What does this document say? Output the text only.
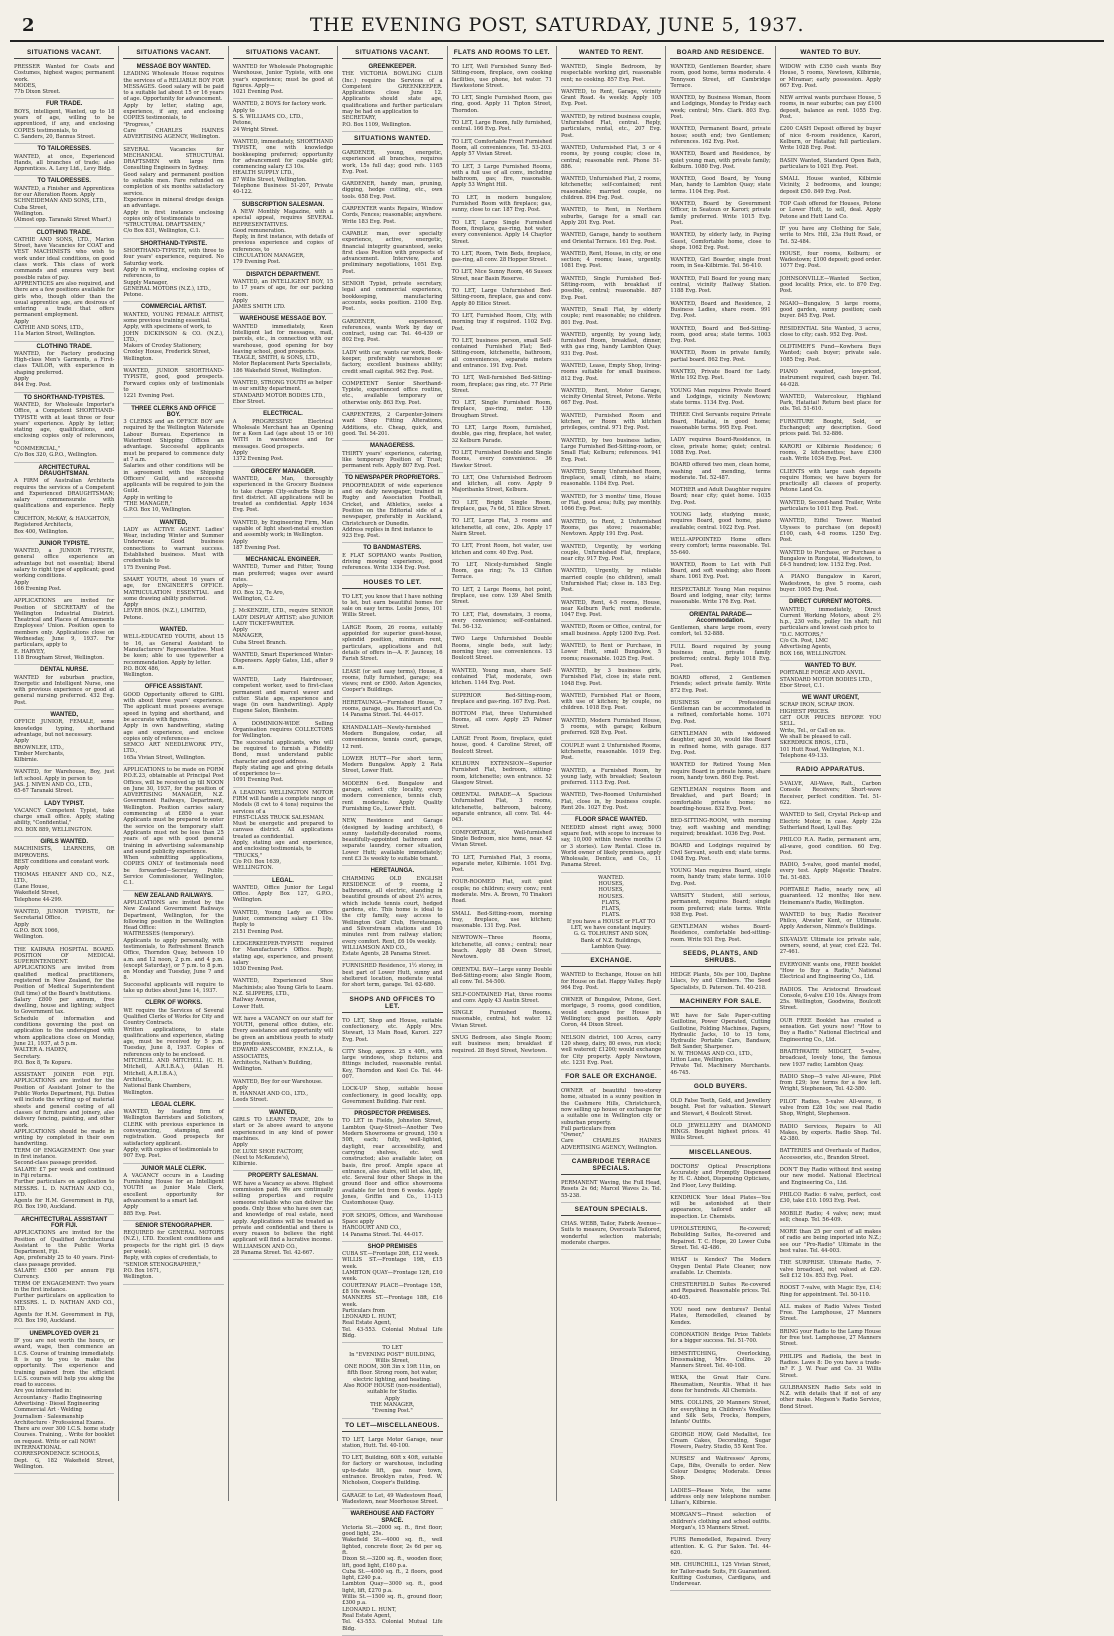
2	THE EVENING POST, SATURDAY, JUNE 5, 1937.
SITUATIONS VACANT.
PRESSER Wanted for Coats and Costumes, highest wages; permanent work.
MODES,
77b Dixon Street.
FUR TRADE.
BOYS, intelligent, Wanted, up to 18 years of age, willing to be apprenticed, if any, and enclosing COPIES testimonials, to
C. Sanders, 20, Bannus Street.
TO TAILORESSES.
WANTED, at once, Experienced Hands, all branches of trade; also Apprentices. A. Levy Ltd., Levy Bldg.
TO TAILORESSES.
WANTED, a Finisher and Apprentices for our Alteration Room. Apply
SCHNEIDEMAN AND SONS, LTD.,
Cuba Street,
Wellington.
(Almost opp. Taranaki Street Wharf.)
CLOTHING TRADE.
CATHIE AND SONS, LTD., Marion Street, have Vacancies for COAT and VEST MACHINISTS who wish to work under ideal conditions, on good class work. This class of work commands and ensures very best possible rates of pay.
APPRENTICES are also required, and there are a few positions available for girls who, though older than the usual apprentice age, are desirous of entering a trade that offers permanent employment.
Apply
CATHIE AND SONS, LTD.,
11a Marion Street, Wellington.
CLOTHING TRADE.
WANTED, for Factory producing High-class Men's Garments, a First-class TAILOR, with experience in shaping preferred.
Apply
844 Evg. Post.
TO SHORTHAND-TYPISTES.
WANTED, for Wholesale Importer's Office, a Competent SHORTHAND-TYPISTE with at least three or four years' experience. Apply by letter, stating age, qualifications, and enclosing copies only of references, to
"COMMERCIAL,"
C/o Box 320, G.P.O., Wellington.
ARCHITECTURAL DRAUGHTSMAN.
A FIRM of Australian Architects requires the services of a Competent and Experienced DRAUGHTSMAN; salary commensurate with qualifications and experience. Reply to
CRICHTON, McKAY, & HAUGHTON,
Registered Architects,
Box 400, Wellington.
JUNIOR TYPISTE.
WANTED, a JUNIOR TYPISTE, general office experience an advantage but not essential; liberal salary to right type of applicant; good working conditions.
Apply
166 Evening Post.
APPLICATIONS are invited for Position of SECRETARY of the Wellington Industrial District. Theatrical and Places of Amusements Employees' Union. Position open to members only. Applications close on Wednesday, June 9, 1937. For particulars, apply to
E. HARVEY,
118 Brougham Street, Wellington.
DENTAL NURSE.
WANTED for suburban practice, Energetic and Intelligent Nurse, one with previous experience or good at general nursing preferred. 432 Evg. Post.
WANTED,
OFFICE JUNIOR, FEMALE, some knowledge typing, shorthand advantage, but not necessary.
Apply
BROWNLEE, LTD.,
Timber Merchants,
Kilbirnie.
WANTED, for Warehouse, Boy, just left school. Apply in person to
JAS. J. NIVEN AND CO., LTD.,
65-67 Taranaki Street.
LADY TYPIST.
VACANCY Competent Typist, take charge small office. Apply, stating ability, "Confidential,"
P.O. BOX 889, WELLINGTON.
GIRLS WANTED.
MACHINISTS, LEARNERS, OR IMPROVERS.
BEST conditions and constant work.
Apply
THOMAS HEANEY AND CO., N.Z., LTD.,
(Lane House,
Wakefield Street,
Telephone 44-299.
WANTED, JUNIOR TYPISTE, for Secretarial Office.
Apply
G.P.O. BOX 1066,
Wellington.
THE KAIPARA HOSPITAL BOARD. POSITION OF MEDICAL SUPERINTENDENT.
APPLICATIONS are invited from qualified medical practitioners, registered in New Zealand, for the Position of Medical Superintendent (full time) of the Board's Institutions.
Salary £800 per annum, free dwelling, house and lighting; subject to Government tax.
Schedule of information and conditions governing the post on application to the undersigned with whom applications close on Monday, June 21, 1937, at 5 p.m.
WALTER A. HADEN,
Secretary.
P.O. Box 8, Te Kopuru.
ASSISTANT JOINER FOR FIJI. APPLICATIONS are invited for the Position of Assistant Joiner to the Public Works Department, Fiji. Duties will include the writing up of material sheets and general costing of all classes of furniture and joinery, also delivery fencing, painting, and other work.
APPLICATIONS should be made in writing by completed in their own handwriting.
TERM OF ENGAGEMENT: One year in first instance.
Second-class passage provided.
SALARY: £7 per week and continued in Fiji returns.
Further particulars on application to MESSRS. L. D. NATHAN AND CO., LTD.
Agents for H.M. Government in Fiji, P.O. Box 190, Auckland.
ARCHITECTURAL ASSISTANT FOR FIJI.
APPLICATIONS are invited for the Position of Qualified Architectural Assistant to the Public Works Department, Fiji.
Age, preferably 25 to 40 years. First-class passage provided.
SALARY: £500 per annum Fiji Currency.
TERM OF ENGAGEMENT: Two years in the first instance.
Further particulars on application to MESSRS. L. D. NATHAN AND CO., LTD.
Agents for H.M. Government in Fiji, P.O. Box 190, Auckland.
UNEMPLOYED OVER 21
IF you are not worth the hours, or award, wage, then commence an I.C.S. Course of training immediately. It is up to you to make the opportunity. The experience and training gained from the efficient I.C.S. courses will help you along the road to success.
Are you interested in:
Accountancy · Radio Engineering
Advertising · Diesel Engineering
Commercial Art · Welding
Journalism · Salesmanship
Architecture · Professional Exams.
There are over 300 I.C.S. home study Courses. Training, . Write for booklet on request. Write or call NOW!
INTERNATIONAL CORRESPONDENCE SCHOOLS,
Dept. G, 182 Wakefield Street, Wellington.
SITUATIONS VACANT.
MESSAGE BOY WANTED.
LEADING Wholesale House requires the services of a RELIABLE BOY FOR MESSAGES. Good salary will be paid to a suitable lad about 15 or 16 years of age. Opportunity for advancement.
Apply by letter, stating age, experience, if any, and enclosing COPIES testimonials, to
"Progress,"
Care CHARLES HAINES ADVERTISING AGENCY, Wellington.
SEVERAL Vacancies for MECHANICAL STRUCTURAL DRAFTSMEN with large firm Consulting Engineers in Sydney.
Good salary and permanent position to suitable men. Fare refunded on completion of six months satisfactory service.
Experience in mineral dredge design an advantage.
Apply in first instance enclosing copies only of testimonials to
"STRUCTURAL DRAFTSMEN,"
C/o Box 831, Wellington, C.1.
SHORTHAND-TYPISTE.
SHORTHAND-TYPISTE, with three to four years' experience, required. No Saturday work.
Apply in writing, enclosing copies of references, to
Supply Manager,
GENERAL MOTORS (N.Z.), LTD.,
Petone.
COMMERCIAL ARTIST.
WANTED, YOUNG FEMALE ARTIST, some previous training essential.
Apply, with specimens of work, to
JOHN DICKINSON & CO. (N.Z.), LTD.,
Makers of Croxley Stationery,
Croxley House, Frederick Street,
Wellington.
WANTED, JUNIOR SHORTHAND-TYPISTE, good, good prospects. Forward copies only of testimonials to
1221 Evening Post.
THREE CLERKS AND OFFICE BOY.
3 CLERKS and an OFFICE BOY are required by the Wellington Waterside Labour Bureau. Experience in Waterfront Shipping Offices an advantage. Successful applicants must be prepared to commence duty at 7 a.m.
Salaries and other conditions will be in agreement with the Shipping Officers' Guild, and successful applicants will be required to join the Guild.
Apply in writing to
"THE MANAGER,"
G.P.O. Box 10, Wellington.
WANTED,
LADY as ACTIVE AGENT. Ladies' Wear, including Winter and Summer Underwear. Good business connections to warrant success. Established business. Must with credentials to
175 Evening Post.
SMART YOUTH, about 16 years of age, for ENGINEER'S OFFICE. MATRICULATION ESSENTIAL and some drawing ability preferred.
Apply
LEVER BROS. (N.Z.), LIMITED,
Petone.
WANTED.
WELL-EDUCATED YOUTH, about 15 to 16, as General Assistant to Manufacturers' Representative. Must be keen; able to use typewriter a recommendation. Apply by letter.
P.O. BOX 486,
Wellington.
OFFICE ASSISTANT.
GOOD Opportunity offered to GIRL with about three years' experience. The applicant must possess average speed in typing and shorthand, and be accurate with figures.
Apply in own handwriting, stating age and experience, and enclose copies only of references—
SEMCO ART NEEDLEWORK PTY., LTD.,
165a Vivian Street, Wellington.
APPLICATIONS to be made on FORM P.O.E.23, obtainable at Principal Post Offices, will be received up till NOON on June 30, 1937, for the position of ADVERTISING MANAGER, N.Z. Government Railways, Department, Wellington. Position carries salary commencing at £850 a year. Applicants must be prepared to enter the service on the temporary staff. Applicants must not be less than 25 years of age with good general training in advertising salesmanship and sound publicity experience.
When submitting applications, COPIES ONLY of testimonials need be forwarded—Secretary, Public Service Commissioner, Wellington, C.1.
NEW ZEALAND RAILWAYS.
APPLICATIONS are invited by the New Zealand Government Railways Department, Wellington, for the following position in the Wellington Head Office:
WAITRESSES (temporary).
Applicants to apply personally, with testimonials, to Refreshment Branch Office, Thorndon Quay, between 10 a.m. and 12 noon, 2 p.m. and 4 p.m. (except Saturday), or 7 p.m. to 8 p.m. on Monday and Tuesday, June 7 and 8.
Successful applicants will require to take up duties about June 14, 1937.
CLERK OF WORKS.
WE require the Services of Several Qualified Clerks of Works for City and Country Contracts.
Written applications, to state qualifications and experience, stating age, must be received by 5 p.m. Tuesday, June 8, 1937. Copies of references only to be enclosed.
MITCHELL AND MITCHELL (C. H. Mitchell, A.R.I.B.A.), (Allan H. Mitchell, A.R.I.B.A.),
Architects,
National Bank Chambers,
Wellington.
LEGAL CLERK.
WANTED, by leading firm of Wellington Barristers and Solicitors, CLERK with previous experience in conveyancing, stamping, and registration. Good prospects for satisfactory applicant.
Apply, with copies of testimonials to
907 Evg. Post.
JUNIOR MALE CLERK.
A VACANCY occurs in a Leading Furnishing House for an Intelligent YOUTH as Junior Male Clerk, excellent opportunity for advancement to a smart lad.
Apply
885 Evg. Post.
SENIOR STENOGRAPHER.
REQUIRED for GENERAL MOTORS (N.Z.), LTD. Excellent conditions and prospects for the right girl. (5 days per week).
Reply, with copies of credentials, to
"SENIOR STENOGRAPHER,"
P.O. Box 1671,
Wellington.
SITUATIONS VACANT.
WANTED for Wholesale Photographic Warehouse, Junior Typiste, with one year's experience; must be good at figures. Apply—
1021 Evening Post.
WANTED, 2 BOYS for factory work.
Apply to
S. S. WILLIAMS CO., LTD.,
Petone,
24 Wright Street.
WANTED, immediately, SHORTHAND TYPISTE, one with knowledge bookkeeping preferred; opportunity for advancement for capable girl; commencing salary £3 10s.
HEALTH SUPPLY LTD.,
87 Willis Street, Wellington.
Telephone Business 51-207, Private 40-122.
SUBSCRIPTION SALESMAN.
A NEW Monthly Magazine, with a special appeal, requires SEVERAL REPRESENTATIVES.
Good remuneration.
Reply, in first instance, with details of previous experience and copies of references, to
CIRCULATION MANAGER,
179 Evening Post.
DISPATCH DEPARTMENT.
WANTED, an INTELLIGENT BOY, 15 to 17 years of age, for our packing room.
Apply
JAMES SMITH LTD.
WAREHOUSE MESSAGE BOY.
WANTED immediately, Keen Intelligent lad for messages, mail, parcels, etc., in connection with our warehouse, good opening for boy leaving school, good prospects.
TEAGLE, SMITH, & SONS, LTD.,
Motor Replacement Parts Specialists,
186 Wakefield Street, Wellington.
WANTED, STRONG YOUTH as helper
in our smithy department.
STANDARD MOTOR BODIES LTD.,
Ebor Street.
ELECTRICAL.
A PROGRESSIVE Electrical Wholesale Merchant has an Opening for a Keen Lad (age about 15 or 16) WITH in warehouse and for messages. Good prospects.
Apply
1372 Evening Post.
GROCERY MANAGER.
WANTED, a Man, thoroughly experienced in the Grocery Business to take charge City-suburbs Shop in first district. All applications will be treated as confidential. Apply 1634 Evg. Post.
WANTED, by Engineering Firm, Man capable of light sheet-metal erection and assembly work; in Wellington.
Apply
187 Evening Post.
MECHANICAL ENGINEER.
WANTED, Turner and Fitter, Young man preferred; wages over award rates.
Apply—
P.O. Box 12, Te Aro,
Wellington, C.2.
J. McKENZIE, LTD., require SENIOR LADY DISPLAY ARTIST; also JUNIOR LADY TICKET-WRITER.
Apply
MANAGER,
Cuba Street Branch.
WANTED, Smart Experienced Winter-Dispensers. Apply Gates, Ltd., after 9 a.m.
WANTED, Lady Hairdresser, competent worker, used to first-class permanent and marcel waver and cutter. State age, experience and wage (in own handwriting). Apply Eugene Salon, Blenheim.
A DOMINION-WIDE Selling Organisation requires COLLECTORS for Wellington.
The successful applicants, who will be required to furnish a Fidelity Bond, must understand public character and good address.
Reply stating age and giving details of experience to—
1091 Evening Post.
A LEADING WELLINGTON MOTOR FIRM will handle a complete range of Models (8 cwt to 4 tons) requires the services of a
FIRST-CLASS TRUCK SALESMAN.
Must be energetic and prepared to canvass district. All applications treated as confidential.
Apply, stating age and experience, and enclosing testimonials, to
"TRUCKS,"
C/o P.O. Box 1639,
WELLINGTON.
LEGAL.
WANTED, Office Junior for Legal Office. Apply Box 127, G.P.O., Wellington.
WANTED, Young Lady as Office Junior, commencing salary £1 10s. Reply to
2151 Evening Post.
LEDGERKEEPER-TYPISTE required for Manufacturer's Office. Reply, stating age, experience, and present salary
1030 Evening Post.
WANTED, Experienced Shoe Machinists; also Young Girls to Learn.
N.Z. SLIPPERS, LTD.,
Railway Avenue,
Lower Hutt.
WE have a VACANCY on our staff for YOUTH, general office duties, etc. Every assistance and opportunity will be given an ambitious youth to study the profession.
EDWARD ANSCOMBE, F.N.Z.I.A., & ASSOCIATES,
Architects, Nathan's Building,
Wellington.
WANTED, Boy for our Warehouse.
Apply
R. HANNAH AND CO., LTD.,
Leeds Street.
WANTED,
GIRLS TO LEARN TRADE, 20s to start or 3s above award to anyone experienced in any kind of power machines.
Apply
DE LUXE SHOE FACTORY,
(Next to McKenzie's),
Kilbirnie.
PROPERTY SALESMAN.
WE have a Vacancy as above. Highest commission paid. We are continually selling properties and require someone reliable who can deliver the goods. Only those who have own car, and knowledge of real estate, need apply. Applications will be treated as private and confidential and there is every reason to believe the right applicant will find a lucrative income.
WILLIAMSON AND CO.,
28 Panama Street. Tel. 42-667.
SITUATIONS VACANT.
GREENKEEPER.
THE VICTORIA BOWLING CLUB (Inc.) require the Services of a Competent GREENKEEPER. Applications close June 12. Applicants should state age, qualifications and further particulars may be had on application to
SECRETARY,
P.O. Box 1109, Wellington.
SITUATIONS WANTED.
GARDENER, young, energetic, experienced all branches, requires work, 15s full day; good refs. 1165 Evg. Post.
GARDENER, handy man, pruning, digging, hedge cutting, etc., own tools. 658 Evg. Post.
CARPENTER wants Repairs, Window Cords, Fences; reasonable; anywhere. Write 183 Evg. Post.
CAPABLE man, over specialty experience, active, energetic, financial integrity guaranteed, seeks first class Position with prospects of advancement. Interview, and preliminary negotiations, 1051 Evg. Post.
SENIOR Typist, private secretary, legal and commercial experience, bookkeeping, manufacturing accounts, seeks position. 2100 Evg. Post.
GARDENER, experienced, references, wants Work by day or contract, using car. Tel. 46-439 or 802 Evg. Post.
LADY with car, wants car work, Book-keeper, preferably warehouse or factory, excellent business ability; credit small capital. 962 Evg. Post.
COMPETENT Senior Shorthand-Typiste, experienced office routine, etc., available temporary or otherwise only. 863 Evg. Post.
CARPENTERS, 2 Carpenter-Joiners want Shop Fitting Alterations, Additions, etc. Cheap, quick, and good. Tel. 54-201.
MANAGERESS.
THIRTY years' experience, catering, like temporary Position of Trust; permanent refs. Apply 807 Evg. Post.
TO NEWSPAPER PROPRIETORS.
PROOFREADER of wide experience and on daily newspaper, trained in Rugby and Association Football, Cricket, and Athletics, seeks a Position on the Editorial side of a newspaper, preferably in Auckland, Christchurch or Dunedin.
Address replies in first instance to
923 Evg. Post.
TO BANDMASTERS.
E FLAT SOPRANO wants Position, driving mowing experience, good references. Write 1334 Evg. Post.
HOUSES TO LET.
TO LET, you know that I have nothing to let, but earn beautiful homes for sale on easy terms. Leslie Jones, 101 Willis Street.
LARGE Room, 26 rooms, suitably appointed for superior guest-house, splendid position, minimum rent, particulars, applications and full details of offers in—A. F. Jauncey, 16 Farish Street.
LEASE (or sell easy terms), House, 8 rooms, fully furnished, garage; sea views; rent or £900. Aston Agencies, Cooper's Buildings.
HERETAUNGA—Furnished House, 7 rooms, garage, gas. Harcourt and Co. 14 Panama Street. Tel. 44-017.
KHANDALLAH—Newly-furnished Modern Bungalow, cedar, all conveniences, tennis court, garage, 12 rent.
LOWER HUTT—For short term, Modern Bungalow. Apply 2 Rata Street, Lower Hutt.
MODERN 6-rd. Bungalow and garage, select city locality, every modern convenience, tennis club, rent moderate. Apply Quality Furnishing Co., Lower Hutt.
NEW, Residence and Garage (designed by leading architect), 6 sunny tastefully-decorated rooms, beautifully-appointed bathroom and separate laundry, corner situation, Lower Hutt; available immediately; rent £3 3s weekly to suitable tenant.
HERETAUNGA.
CHARMING OLD ENGLISH RESIDENCE of 9 rooms, 2 bathrooms, all electric, standing in beautiful grounds of about 2½ acres, which include tennis court, hedged gardens, etc. This home is ideal to the city family, easy access to Wellington Golf Club, Heretaunga, and Silverstream stations and 10 minutes rent from railway station; every comfort. Rent, £6 10s weekly.
WILLIAMSON AND CO.,
Estate Agents, 28 Panama Street.
FURNISHED Residence, 1½ storey, in best part of Lower Hutt, sunny and sheltered location, moderate rental for short term, garage. Tel. 62-680.
SHOPS AND OFFICES TO LET.
TO LET, Shop and House, suitable confectionery, etc. Apply Mrs. Stewart, 13 Main Road, Karori. 227 Evg. Post.
CITY Shop, approx. 25 x 40ft., with large windows, shop fixtures and fittings included, reasonable rental. Key, Thorndon and Keel Co. Tel. 44-007.
LOCK-UP Shop, suitable house confectionery, in good locality, opp. Government Building. Fair rent.
PROSPECTOR PREMISES.
TO LET in Fields, Johnston Street, Lambton Quay-Street—Another Two Modern Showrooms or ground, 150 x 50ft, each; fully, well-lighted, daylight, rear accessibility, and carrying shelves, etc. well constructed; also available later, on basis, fire proof. Ample space at entrance, also stairs, will let also, lift, etc. Several four other Shops in the ground floor and office showrooms available for let from 6 weeks. Apply Jones, Griffin and Co., 11-113 Customhouse Quay.
FOR SHOPS, Offices, and Warehouse Space apply
HARCOURT AND CO.,
14 Panama Street. Tel. 44-017.
SHOP PREMISES
CUBA ST.—Frontage 20ft, £12 week.
WILLIS ST.—Frontage 19ft, £15 week.
LAMBTON QUAY—Frontage 12ft, £10 week.
COURTENAY PLACE—Frontage 15ft, £8 10s week.
MANNERS ST.—Frontage 18ft, £16 week.
Particulars from
LEONARD L. HUNT,
Real Estate Agent,
Tel. 43-553. Colonial Mutual Life Bldg.
TO LET
In "EVENING POST" BUILDING,
Willis Street,
ONE ROOM, 30ft 3in x 19ft 11in, on fifth floor. Strong room, hot water, electric lighting, and heating.
Also ROOF HOUSE (non-residential), suitable for Studio.
Apply
THE MANAGER,
"Evening Post."
TO LET—MISCELLANEOUS.
TO LET, Large Motor Garage, near station, Hutt. Tel. 40-100.
TO LET, Building, 60ft x 40ft, suitable for factory or warehouse, including up-to-date lift, gas near town, entrance. Brooklyn rates, Fred. W. Nicholson, Cooper's Building.
GARAGE to Let, 49 Wadestown Road, Wadestown, near Moorhouse Street.
WAREHOUSE AND FACTORY SPACE.
Victoria St.—2000 sq. ft., first floor; good light, 25s.
Wakefield St.—4000 sq. ft., well lighted, concrete floor, 2s 6d per sq. ft.
Dixon St.—3200 sq. ft., wooden floor, lift, good light, £160 p.a.
Cuba St.—4000 sq. ft., 2 floors, good light, £240 p.a.
Lambton Quay—3000 sq. ft., good light, lift, £270 p.a.
Willis St.—1500 sq. ft., ground floor; £300 p.a.
LEONARD L. HUNT,
Real Estate Agent,
Tel. 43-553. Colonial Mutual Life Bldg.
FLATS AND ROOMS TO LET.
TO LET, Well Furnished Sunny Bed-Sitting-room, fireplace, own cooking facilities, use phone, hot water. 71 Hawkestone Street.
TO LET, Single Furnished Room, gas ring, good. Apply 11 Tipton Street, Thorndon.
TO LET, Large Room, fully furnished, central. 166 Evg. Post.
TO LET, Comfortable Front Furnished Room, all conveniences, Tel. 53-203. Apply 57 Vivian Street.
TO LET, 3 Large Furnished Rooms, with a full use of all conv., including bathroom, gas; fire, reasonable. Apply 53 Wright Hill.
TO LET, in modern bungalow, Furnished Room with fireplace; gas, sunny, close to car. 187 Evg. Post.
TO LET, Large Single Furnished Room, fireplace, gas-ring, hot water, every convenience. Apply 14 Chaytor Street.
TO LET, Room, Twin Beds, fireplace, gas-ring, all conv. 28 Hopper Street.
TO LET, Nice Sunny Room, 46 Sussex Street, near Basin Reserve.
TO LET, Large Unfurnished Bed-Sitting-room, fireplace, gas and conv. Apply 80 Ellice Street.
TO LET, Furnished Room, City, with morning tray if required. 1102 Evg. Post.
TO LET, business person, small Self-contained Furnished Flat; Bed-Sitting-room, kitchenette, bathroom, all conveniences, separate meters and entrance. 191 Evg. Post.
TO LET, Well-furnished Bed-Sitting-room, fireplace; gas ring, etc. 77 Pirie Street.
TO LET, Single Furnished Room, fireplace, gas-ring, meter. 130 Brougham Street.
TO LET, Large Room, furnished, double, gas ring, fireplace, hot water, 32 Kelburn Parade.
TO LET, Furnished Double and Single Rooms, every convenience. 36 Hawker Street.
TO LET, One Unfurnished Bedroom and kitchen, all conv. Apply 9 Majoribanks Street, Kelburn.
TO LET, Bright Single Room, fireplace, gas, 7s 6d, 51 Ellice Street.
TO LET, Large Flat, 3 rooms and kitchenette, all conv., 20s. Apply 17 Nairn Street.
TO LET, Front Room, hot water, use kitchen and conv. 40 Evg. Post.
TO LET, Nicely-furnished Single Room, gas ring; 7s. 13 Clifton Terrace.
TO LET, 2 Large Rooms, hot point, fireplace, use conv. 139 Abel Smith Street.
TO LET, Flat, downstairs, 3 rooms, every convenience; self-contained. Tel. 56-132.
TWO Large Unfurnished Double Rooms, single beds, suit lady; morning tray; use conveniences. 13 Boulcott Street.
WANTED, Young man, share Self-contained Flat, moderate, own kitchen. 1144 Evg. Post.
SUPERIOR Bed-Sitting-room, fireplace and gas-ring. 167 Evg. Post.
BOTTOM Flat, three Unfurnished Rooms, all conv. Apply 25 Palmer Street.
LARGE Front Room, fireplace, quiet house, good. 4 Caroline Street, off Boulcott Street.
KELBURN EXTENSION—Superior Furnished Flat, bedroom, sitting-room, kitchenette; own entrance. 52 Glasgow Street.
ORIENTAL PARADE—A Spacious Unfurnished Flat, 3 rooms, kitchenette, bathroom, balcony, separate entrance, all conv. Tel. 44-043.
COMFORTABLE, Well-furnished Single Bedroom, nice home, near. 42 Vivian Street.
TO LET, Furnished Flat, 3 rooms, separate meter, Kilbirnie. 1051 Evg. Post.
FOUR-ROOMED Flat, suit quiet couple; no children; every conv.; rent moderate. Mrs. A. Brown, 70 Tinakori Road.
SMALL Bed-Sitting-room, morning tray, fireplace, use kitchen; reasonable. 131 Evg. Post.
NEWTOWN—Three Rooms, kitchenette, all convs.; central; near beach. Apply 88 Owen Street, Newtown.
ORIENTAL BAY—Large sunny Double Bed-Sitting-room; also Single Room, all conv. Tel. 54-500.
SELF-CONTAINED Flat, three rooms and conv. Apply 43 Austin Street.
SINGLE Furnished Rooms, reasonable, central, hot water. 12 Vivian Street.
SNUG Bedroom, also Single Room; suit business men; breakfast if required. 28 Boyd Street, Newtown.
WANTED TO RENT.
WANTED, Single Bedroom, by respectable working girl, reasonable rent; no cooking. 857 Evg. Post.
WANTED, to Rent, Garage, vicinity Grant Road. 4s weekly. Apply 105 Evg. Post.
WANTED, by retired business couple, Unfurnished Flat, central. Reply, particulars, rental, etc., 207 Evg. Post.
WANTED, Unfurnished Flat, 3 or 4 rooms, by young couple; close in, central; reasonable rent. Phone 51-886.
WANTED, Unfurnished Flat, 2 rooms, kitchenette; self-contained; rent reasonable; married couple, no children. 894 Evg. Post.
WANTED, to Rent, in Northern suburbs, Garage for a small car. Apply 201 Evg. Post.
WANTED, Garage, handy to southern end Oriental Terrace. 161 Evg. Post.
WANTED, Rent, House, in city, or one section; 4 rooms; lease, urgently. 1081 Evg. Post.
WANTED, Single Furnished Bed-Sitting-room, with breakfast if possible, central; reasonable. 887 Evg. Post.
WANTED, Small Flat, by elderly couple; rent reasonable; no children. 801 Evg. Post.
WANTED, urgently, by young lady, furnished Room, breakfast, dinner, with gas ring, handy Lambton Quay. 931 Evg. Post.
WANTED, Lease, Empty Shop, living-rooms suitable for small business. 812 Evg. Post.
WANTED, Rent, Motor Garage, vicinity Oriental Street, Petone. Write 667 Evg. Post.
WANTED, Furnished Room and kitchen, or Room with kitchen privileges, central. 971 Evg. Post.
WANTED, by two business ladies, Large Furnished Bed-Sitting-room, or Small Flat; Kelburn; references. 941 Evg. Post.
WANTED, Sunny Unfurnished Room, fireplace, small, climb, no stairs; reasonable. 1184 Evg. Post.
WANTED, for 3 months' time, House or Flat, good area; fully, pay monthly. 1066 Evg. Post.
WANTED, to Rent, 2 Unfurnished Rooms, gas stove; reasonable; Newtown. Apply 191 Evg. Post.
WANTED, Urgently, by working couple, Unfurnished Flat, fireplace, near city. 917 Evg. Post.
WANTED, Urgently, by reliable married couple (no children), small Unfurnished Flat; close in. 183 Evg. Post.
WANTED, Rent, 4-5 rooms, House, near Kelburn Park; rent moderate. 1047 Evg. Post.
WANTED, Room or Office, central, for small business. Apply 1200 Evg. Post.
WANTED, to Rent or Purchase, in Lower Hutt, small Bungalow, 5 rooms; reasonable. 1025 Evg. Post.
WANTED, by 3 business girls, Furnished Flat, close in; state rent. 1048 Evg. Post.
WANTED, Furnished Flat or Room, with use of kitchen; by couple, no children. 1018 Evg. Post.
WANTED, Modern Furnished House, 5 rooms, with garage; Kelburn preferred. 928 Evg. Post.
COUPLE want 2 Unfurnished Rooms, kitchenette, reasonable. 1019 Evg. Post.
WANTED, a Furnished Room, by young lady, with breakfast; Seatoun preferred. 1113 Evg. Post.
WANTED, Two-Roomed Unfurnished Flat, close in, by business couple. Rent 20s. 1027 Evg. Post.
FLOOR SPACE WANTED.
NEEDED almost right away, 5000 square feet, with scope to increase to say, 10,000 within twelve months (3 or 3 stories). Low Rental. Close in. World owner of likely premises, apply Wholesale, Dentice, and Co., 11 Panama Street.
WANTED.
HOUSES,
HOUSES,
HOUSES.
FLATS,
FLATS,
FLATS.
If you have a HOUSE or FLAT TO LET, we have constant inquiry.
G. G. TOLHURST AND SON,
Bank of N.Z. Buildings,
Lambton Quay.
EXCHANGE.
WANTED to Exchange, House on hill for House on flat. Happy Valley. Reply 964 Evg. Post.
OWNER of Bungalow, Petone, Govt. mortgage, 5 rooms, good condition, would exchange for House in Wellington; good position. Apply Coron, 44 Dixon Street.
NELSON district, 100 Acres, carry 120 sheep, dairy, 80 ewes, run stock; well watered; £1200; would exchange for City property. Apply Newtown, etc. 1231 Evg. Post.
FOR SALE OR EXCHANGE.
OWNER of beautiful two-storey home, situated in a sunny position in the Cashmere Hills, Christchurch, now selling up house or exchange for a suitable one in Wellington city or suburban property.
Full particulars from
"Owner,"
Care CHARLES HAINES ADVERTISING AGENCY, Wellington.
CAMBRIDGE TERRACE SPECIALS.
PERMANENT Waving, the Full Head, Resets 2s 6d; Marcel Waves 2s. Tel. 55-238.
SEATOUN SPECIALS.
CHAS. WEBB, Tailor, Fabrik Avenue—Suits to measure, Overcoats Tailored, wonderful selection materials; moderate charges.
BOARD AND RESIDENCE.
WANTED, Gentlemen Boarder, share room, good home, terms moderate. 4 Tennyson Street, off Cambridge Terrace.
WANTED, by Business Woman, Room and Lodgings, Monday to Friday each week; central; Mrs. Clark. 803 Evg. Post.
WANTED, Permanent Board, private house; south end; two Gentlemen; references. 162 Evg. Post.
WANTED, Board and Residence, by quiet young man, with private family; Kelburn. 1080 Evg. Post.
WANTED, Good Board, by Young Man, handy to Lambton Quay; state terms. 1104 Evg. Post.
WANTED, Board by Government Officer, in Seatoun or Karori; private family preferred. Write 1015 Evg. Post.
WANTED, by elderly lady, in Paying Guest, Comfortable home, close to shops. 1062 Evg. Post.
WANTED, Girl Boarder, single front room, in Sea-Kilbirnie. Tel. 56-410.
WANTED, Full Board for young man; central, vicinity Railway Station. 1188 Evg. Post.
WANTED, Board and Residence, 2 Business Ladies, share room. 991 Evg. Post.
WANTED, Board and Bed-Sitting-room, good area; state terms. 1003 Evg. Post.
WANTED, Room in private family, partial board. 862 Evg. Post.
WANTED, Private Board for Lady. Write 192 Evg. Post.
YOUNG Man requires Private Board and Lodgings, vicinity Newtown; state terms. 1134 Evg. Post.
THREE Civil Servants require Private Board, Hataitai, in good home; reasonable terms. 995 Evg. Post.
LADY requires Board-Residence, in close, private home; quiet; central. 1088 Evg. Post.
BOARD offered two men, clean home, washing and mending, terms moderate. Tel. 52-487.
MOTHER and Adult Daughter require Board; near city; quiet home. 1035 Evg. Post.
YOUNG lady, studying music, requires Board, good home, piano available; central. 1022 Evg. Post.
WELL-APPOINTED Home offers every comfort; terms reasonable. Tel. 55-640.
WANTED, Room to Let with Full Board, and soft washing; also Room share. 1061 Evg. Post.
RESPECTABLE Young Man requires Board and lodging, near city; terms reasonable. Write 176 Evg. Post.
ORIENTAL PARADE—Accommodation.
Gentlemen, share large room, every comfort, tel. 52-888.
FULL Board required by young business man, private family preferred; central. Reply 1018 Evg. Post.
BOARD offered, 2 Gentlemen Friends; select private family. Write 872 Evg. Post.
BUSINESS or Professional Gentleman can be accommodated in a refined, comfortable home. 1071 Evg. Post.
GENTLEMAN with widowed daughter, aged 30, would like Board in refined home, with garage. 837 Evg. Post.
WANTED for Retired Young Men require Board in private home, share room, handy town. 860 Evg. Post.
GENTLEMAN requires Room and Breakfast, and part Board; in comfortable private home; no boarding-house. 832 Evg. Post.
BED-SITTING-ROOM, with morning tray, soft washing and mending; required; breakfast. 1036 Evg. Post.
BOARD and Lodgings required by Civil Servant, south end; state terms. 1048 Evg. Post.
YOUNG Man requires Board, single room, handy tram; state terms. 1010 Evg. Post.
VARSITY Student, still serious, permanent, requires Board; single room preferred; state terms. Write 938 Evg. Post.
GENTLEMAN wishes Board-Residence, comfortable bed-sitting-room. Write 931 Evg. Post.
SEEDS, PLANTS, AND SHRUBS.
HEDGE Plants, 50s per 100, Daphne Lilacs, Ivy and Climbers. The Seed Specialists, D. Paterson. Tel. 40-218.
MACHINERY FOR SALE.
WE have for Sale Paper-cutting Guillotine, Power Operated, Cutting Guillotine, Folding Machines, Pagers, Hydraulic Jacks, 10 to 15 tons, Hydraulic Portable Cars, Bandsaw, Belt Sander, Sharpener.
N. W. THOMAS AND CO., LTD.,
Litton Lane, Wellington.
Private Tel. Machinery Merchants. 46-745.
GOLD BUYERS.
OLD False Teeth, Gold, and Jewellery bought. Post for valuation. Stewart and Stewart, 4 Boulcott Street.
OLD JEWELLERY and DIAMOND RINGS. Bought highest prices. 41 Willis Street.
MISCELLANEOUS.
DOCTORS' Optical Prescriptions Accurately and Promptly Dispensed by H. C. Abbot, Dispensing Opticians, 2nd Floor, Levy Building.
KENDRICK Your Ideal Plates—You will be astonished at their appearance, tailored under all inspection. Lr. Chemists.
UPHOLSTERING, Re-covered; Rebuilding Suites, Re-covered and Repaired. T. C. Hope, 20 Lower Cuba Street. Tel. 42-486.
WHAT is Kendex? The Modern Oxygen Dental Plate Cleaner, now available. Lr. Chemists.
CHESTERFIELD Suites Re-covered and Repaired. Reasonable prices. Tel. 40-405.
YOU need new dentures? Dental Plates, Remodelled, cleaned by Kendex.
CORONATION Bridge Prize Tablets for a bigger success. Tel. 51-700.
HEMSTITCHING, Overlocking, Dressmaking, Mrs. Collins. 20 Manners Street. Tel. 40-108.
WEKA, the Great Hair Cure. Rheumatism, Neuritis. What it has done for hundreds. All Chemists.
MRS. COLLINS, 20 Manners Street, for everything in Children's Woollies and Silk Sets, Frocks, Rompers, Infants' Outfits.
GEORGE HOW, Gold Medallist, Ice Cream Cakes, Decorating, Sugar Flowers, Pastry. Studio, 55 Kent Tce.
NURSES' and Waitresses' Aprons, Caps, Bibs, Overalls to order. New Colour Designs; Moderate. Dress Shop.
LADIES—Please Note, the same address only new telephone number. Lilian's, Kilbirnie.
MORGAN'S—Finest selection of children's clothing and school outfits. Morgan's, 15 Manners Street.
FURS Remodelled, Repaired. Every attention. K. G. Fur Salon. Tel. 44-620.
MR. CHURCHILL, 125 Vivian Street, for Tailor-made Suits, Fit Guaranteed. Knitting Costumes, Cardigans, and Underwear.
WANTED TO BUY.
WIDOW with £350 cash wants Buy House, 5 rooms, Newtown, Kilbirnie, or Miramar; early possession. Apply 667 Evg. Post.
NEW arrival wants purchase House, 5 rooms, in near suburbs; can pay £100 deposit, balance as rent. 1055 Evg. Post.
£200 CASH Deposit offered by buyer of nice 6-room residence, Karori, Kelburn, or Hataitai; full particulars. Write 1028 Evg. Post.
BASIN Wanted, Standard Open Bath, particulars to 1021 Evg. Post.
SMALL House wanted, Kilbirnie Vicinity, 2 bedrooms, and lounge; deposit £50. 849 Evg. Post.
TOP Cash offered for Houses, Petone or Lower Hutt, to sell, deal. Apply Petone and Hutt Land Co.
IF you have any Clothing for Sale, write to Mrs. Hill, 23a Hutt Road, or Tel. 52-484.
HOUSE, four rooms, Kelburn; or Wadestown; £100 deposit; good order. 1077 Evg. Post.
JOHNSONVILLE—Wanted Section, good locality. Price, etc. to 870 Evg. Post.
NGAIO—Bungalow, 5 large rooms, good garden, sunny position; cash buyer. 845 Evg. Post.
RESIDENTIAL Site Wanted, 3 acres, close to city; cash. 952 Evg. Post.
OLDTIMER'S Fund—Kowhera Buys Wanted; cash buyer; private sale. 1085 Evg. Post.
PIANO wanted, low-priced, instrument required, cash buyer. Tel. 44-028.
WANTED, Watercolour, Highland Park, Hataitai! Return best place for oils. Tel. 51-610.
FURNITURE Bought, Sold, or Exchanged; any description. Good prices paid. Tel. 52-886.
KARORI or Kilbirnie Residence; 6 rooms, 2 kitchenettes; have £300 cash. Write 1034 Evg. Post.
CLIENTS with large cash deposits require Homes; we have buyers for practically all classes of property. Petone Land Co.
WANTED, Second-hand Trailer, Write particulars to 1011 Evg. Post.
WANTED, Eiffel Tower. Wanted Ulysses to purchase (on deposit) £100, cash, 4-8 rooms. 1250 Evg. Post.
WANTED to Purchase, or Purchase a Bungalow in Rongotai, Wadestown, to £4-5 hundred; low. 1152 Evg. Post.
A PIANO Bungalow in Karori, Wadestown, to give 5 rooms, cash buyer. 1005 Evg. Post.
DIRECT CURRENT MOTORS.
WANTED, immediately, Direct Current Working Motors, about 2½ h.p., 230 volts, pulley 1in shaft; full particulars and lowest cash price to
"D.C. MOTORS,"
C/o Ch. Post, LMC
Advertising Agents,
BOX 166, WELLINGTON.
WANTED TO BUY.
PORTABLE FORGE AND ANVIL.
STANDARD MOTOR BODIES LTD.,
Ebor Street, C.1.
WE WANT URGENT,
SCRAP IRON, SCRAP IRON.
HIGHEST PRICES.
GET OUR PRICES BEFORE YOU SELL.
Write, Tel., or Call on us.
We shall be pleased to call.
SKERDRICK BROS., LTD.,
101 Hutt Road, Wellington, N.1.
Telephone 49-133.
RADIO APPARATUS.
5-VALVE, All-Wave, Ralt., Carbon Console Receivers; Short-wave Receiver, perfect condition. Tel. 51-622.
WANTED to Sell, Crystal Pick-up and Electric Motor, in case. Apply 22a Sutherland Road, Lyall Bay.
PHILCO R.A. Radio, permanent arm, all-wave, good condition. 60 Evg. Post.
RADIO, 5-valve, good mantel model, every test. Apply Majestic Theatre. Tel. 51-683.
PORTABLE Radio, nearly new, all guaranteed. 12 months; like new. Heinemann's Radio, Wellington.
WANTED to buy, Radio Receiver Philco, Atwater Kent, or Ultimate. Apply Anderson, Nimmo's Buildings.
SIX-VALVE Ultimate ice private sale, owners, sound, at year, cost £22. Tel. 27-461.
EVERYONE wants one, FREE booklet "How to Buy a Radio," National Electrical and Engineering Co., Ltd.
RADIOS. The Aristocrat Broadcast Console, 6-valve £10 10s. Always from 25s. Wellington, Goodwins, Boulcott Street.
OUR FREE Booklet has created a sensation. Get yours now! "How to Buy a Radio." National Electrical and Engineering Co., Ltd.
BRAITHWAITE MIDGET, 5-valve, broadcast, lovely tone, the famous new 1937 radio; Lambton Quay.
RADIO Shop—5 valve All-wave, Pilot from £29; low terms for a few left. Wright, Stephenson, Tel. 42-380.
PILOT Radios, 5-valve All-wave, 6 valve from £28 10s; see real Radio Shop, Wright, Stephenson.
RADIO Services, Repairs to All Makes, by experts. Radio Shop. Tel. 42-380.
BATTERIES and Overhauls of Radios, Accessories, etc., Brandon Street.
DON'T Buy Radio without first seeing our new model. National Electrical and Engineering Co., Ltd.
PHILCO Radio: 6 valve, perfect, cost £30, take £10. 1093 Evg. Post.
MOBILE Radio; 4 valve; new; must sell; cheap. Tel. 56-409.
MORE than 25 per cent of all makes of radio are being imported into N.Z.; see our "Pro-Radio" Ultimate in the best value. Tel. 44-003.
THE SURPRISE. Ultimate Radio, 7-valve broadcast, not valued at £20. Sell £12 10s. 853 Evg. Post.
ROOST 7-valve, with Magic Eye, £14; Ring for appointment. Tel. 50-110.
ALL makes of Radio Valves Tested Free. The Lamphouse, 27 Manners Street.
BRING your Radio to the Lamp House for free test. Lamphouse, 27 Manners Street.
PHILIPS and Radiola, the best in Radios. Laws 8: Do you have a trade-in? F. J. W. Fear and Co. 31 Willis Street.
GULBRANSEN Radio Sets sold in N.Z. with details that if not of any other make. Megson's Radio Service, Bond Street.
